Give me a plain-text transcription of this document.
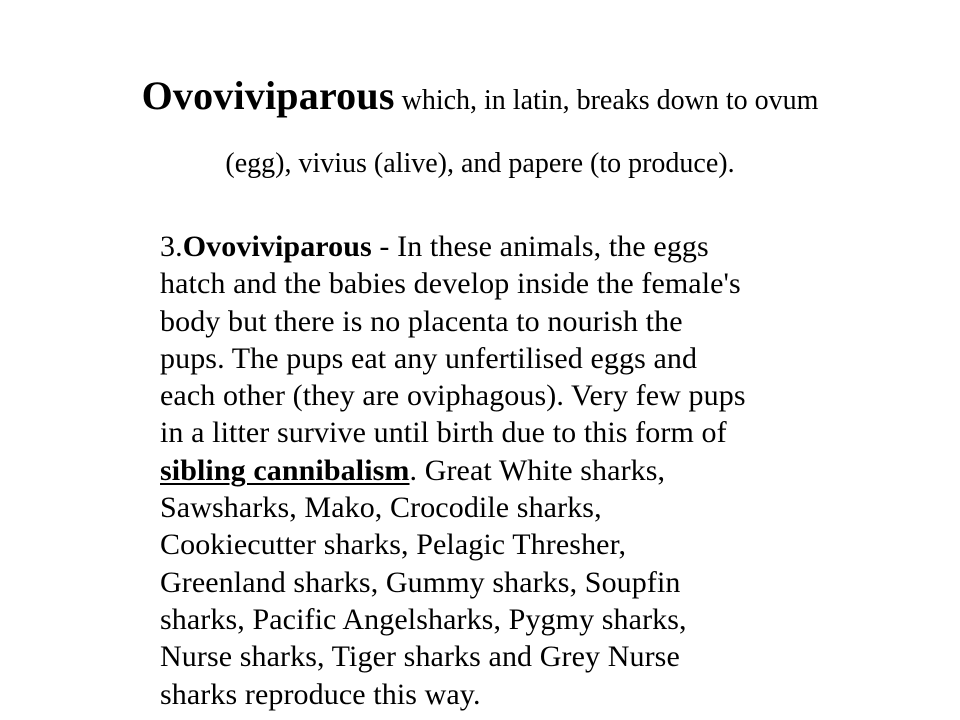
Ovoviviparous which, in latin, breaks down to ovum
(egg), vivius (alive), and papere (to produce).
3.Ovoviviparous - In these animals, the eggs
hatch and the babies develop inside the female's
body but there is no placenta to nourish the
pups. The pups eat any unfertilised eggs and
each other (they are oviphagous). Very few pups
in a litter survive until birth due to this form of
sibling cannibalism. Great White sharks,
Sawsharks, Mako, Crocodile sharks,
Cookiecutter sharks, Pelagic Thresher,
Greenland sharks, Gummy sharks, Soupfin
sharks, Pacific Angelsharks, Pygmy sharks,
Nurse sharks, Tiger sharks and Grey Nurse
sharks reproduce this way.
